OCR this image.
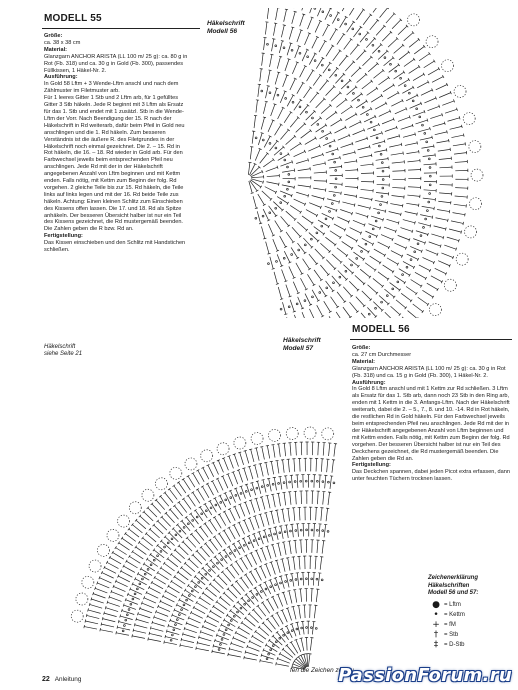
MODELL 55

Größe:
ca. 38 x 38 cm

Material:
Glanzgarn ANCHOR ARISTA (LL 100 m/ 25 g): ca. 80 g in Rot (Fb. 318) und ca. 30 g in Gold (Fb. 300), passendes Füllkissen, 1 Häkel-Nr. 2.

Ausführung:
In Gold 58 Lftm + 3 Wende-Lftm anschl und nach dem Zählmuster im Filetmuster arb.

Für 1 leeres Gitter 1 Stb und 2 Lftm arb, für 1 gefülltes Gitter 3 Stb häkeln. Jede R beginnt mit 3 Lftm als Ersatz für das 1. Stb und endet mit 1 zusätzl. Stb in die Wende-Lftm der Vorr. Nach Beendigung der 15. R nach der Häkelschrift in Rd weiterarb, dafür beim Pfeil in Gold neu anschlingen und die 1. Rd häkeln. Zum besseren Verständnis ist die äußere R. des Filetgrundes in der Häkelschrift noch einmal gezeichnet. Die 2. – 15. Rd in Rot häkeln, die 16. – 18. Rd wieder in Gold arb. Für den Farbwechsel jeweils beim entsprechenden Pfeil neu anschlingen. Jede Rd mit der in der Häkelschrift angegebenen Anzahl von Lftm beginnen und mit Kettm enden. Falls nötig, mit Kettm zum Beginn der folg. Rd vorgehen. 2 gleiche Teile bis zur 15. Rd häkeln, die Teile links auf links legen und mit der 16. Rd beide Teile zus häkeln. Achtung: Einen kleinen Schlitz zum Einschieben des Kissens offen lassen. Die 17. und 18. Rd als Spitze anhäkeln. Der besseren Übersicht halber ist nur ein Teil des Kissens gezeichnet, die Rd mustergemäß beenden. Die Zahlen geben die R bzw. Rd an.

Fertigstellung:
Das Kissen einschieben und den Schlitz mit Handstichen schließen.

Häkelschrift
siehe Seite 21
Häkelschrift
Modell 56
Häkelschrift
Modell 57
MODELL 56

Größe:
ca. 27 cm Durchmesser

Material:
Glanzgarn ANCHOR ARISTA (LL 100 m/ 25 g): ca. 30 g in Rot (Fb. 318) und ca. 15 g in Gold (Fb. 300), 1 Häkel-Nr. 2.

Ausführung:
In Gold 8 Lftm anschl und mit 1 Kettm zur Rd schließen. 3 Lftm als Ersatz für das 1. Stb arb, dann noch 23 Stb in den Ring arb, enden mit 1 Kettm in die 3. Anfangs-Lftm. Nach der Häkelschrift weiterarb, dabei die 2. – 5., 7., 8. und 10. -14. Rd in Rot häkeln, die restlichen Rd in Gold häkeln. Für den Farbwechsel jeweils beim entsprechenden Pfeil neu anschlingen. Jede Rd mit der in der Häkelschrift angegebenen Anzahl von Lftm beginnen und mit Kettm enden. Falls nötig, mit Kettm zum Beginn der folg. Rd vorgehen. Der besseren Übersicht halber ist nur ein Teil des Deckchens gezeichnet, die Rd mustergemäß beenden. Die Zahlen geben die Rd an.

Fertigstellung:
Das Deckchen spannen, dabei jeden Picot extra erfassen, dann unter feuchten Tüchern trocknen lassen.

Zeichenerklärung
Häkelschriften
Modell 56 und 57:
● = Lftm
• = Kettm
+ = fM
† = Stb
‡ = D-Stb
fen die Zeichen zus, w
22 Anleitung	PassionForum.ru
